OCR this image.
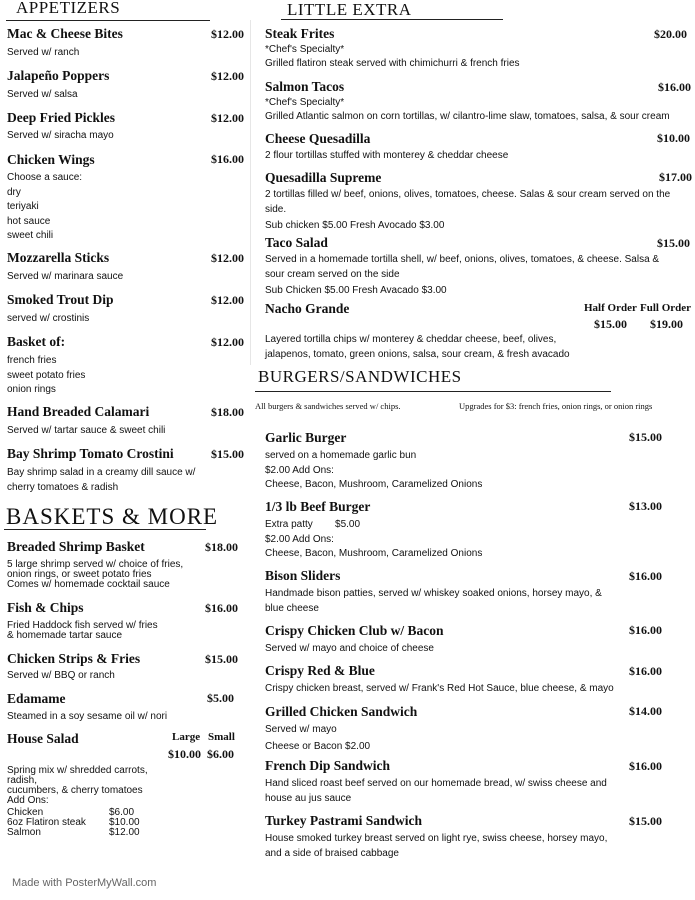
APPETIZERS	LITTLE EXTRA
BASKETS & MORE
BURGERS/SANDWICHES
Mac & Cheese Bites	$12.00
Served w/ ranch
Jalapeño Poppers	$12.00
Served w/ salsa
Deep Fried Pickles	$12.00
Served w/ siracha mayo
Chicken Wings	$16.00
Choose a sauce:
dry
teriyaki
hot sauce
sweet chili
Mozzarella Sticks	$12.00
Served w/ marinara sauce
Smoked Trout Dip	$12.00
served w/ crostinis
Basket of:	$12.00
french fries
sweet potato fries
onion rings
Hand Breaded Calamari	$18.00
Served w/ tartar sauce & sweet chili
Bay Shrimp Tomato Crostini	$15.00
Bay shrimp salad in a creamy dill sauce w/
cherry tomatoes & radish
Breaded Shrimp Basket	$18.00
5 large shrimp served w/ choice of fries,
onion rings, or sweet potato fries
Comes w/ homemade cocktail sauce
Fish & Chips	$16.00
Fried Haddock fish served w/ fries
& homemade tartar sauce
Chicken Strips & Fries	$15.00
Served w/ BBQ or ranch
Edamame	$5.00
Steamed in a soy sesame oil w/ nori
House Salad	Large Small
$10.00 $6.00
Spring mix w/ shredded carrots,
radish,
cucumbers, & cherry tomatoes
Add Ons:
Chicken	$6.00
6oz Flatiron steak $10.00
Salmon	$12.00
Steak Frites	$20.00
*Chef's Specialty*
Grilled flatiron steak served with chimichurri & french fries
Salmon Tacos	$16.00
*Chef's Specialty*
Grilled Atlantic salmon on corn tortillas, w/ cilantro-lime slaw, tomatoes, salsa, & sour cream
Cheese Quesadilla	$10.00
2 flour tortillas stuffed with monterey & cheddar cheese
Quesadilla Supreme	$17.00
2 tortillas filled w/ beef, onions, olives, tomatoes, cheese. Salas & sour cream served on the
side.
Sub chicken $5.00 Fresh Avocado $3.00
Taco Salad	$15.00
Served in a homemade tortilla shell, w/ beef, onions, olives, tomatoes, & cheese. Salsa &
sour cream served on the side
Sub Chicken $5.00 Fresh Avacado $3.00
Nacho Grande	Half Order Full Order
$15.00 $19.00
Layered tortilla chips w/ monterey & cheddar cheese, beef, olives,
jalapenos, tomato, green onions, salsa, sour cream, & fresh avacado
All burgers & sandwiches served w/ chips.	Upgrades for $3: french fries, onion rings, or onion rings
Garlic Burger	$15.00
served on a homemade garlic bun
$2.00 Add Ons:
Cheese, Bacon, Mushroom, Caramelized Onions
1/3 lb Beef Burger	$13.00
Extra patty        $5.00
$2.00 Add Ons:
Cheese, Bacon, Mushroom, Caramelized Onions
Bison Sliders	$16.00
Handmade bison patties, served w/ whiskey soaked onions, horsey mayo, &
blue cheese
Crispy Chicken Club w/ Bacon	$16.00
Served w/ mayo and choice of cheese
Crispy Red & Blue	$16.00
Crispy chicken breast, served w/ Frank's Red Hot Sauce, blue cheese, & mayo
Grilled Chicken Sandwich	$14.00
Served w/ mayo
Cheese or Bacon $2.00
French Dip Sandwich	$16.00
Hand sliced roast beef served on our homemade bread, w/ swiss cheese and
house au jus sauce
Turkey Pastrami Sandwich	$15.00
House smoked turkey breast served on light rye, swiss cheese, horsey mayo,
and a side of braised cabbage
Made with PosterMyWall.com
